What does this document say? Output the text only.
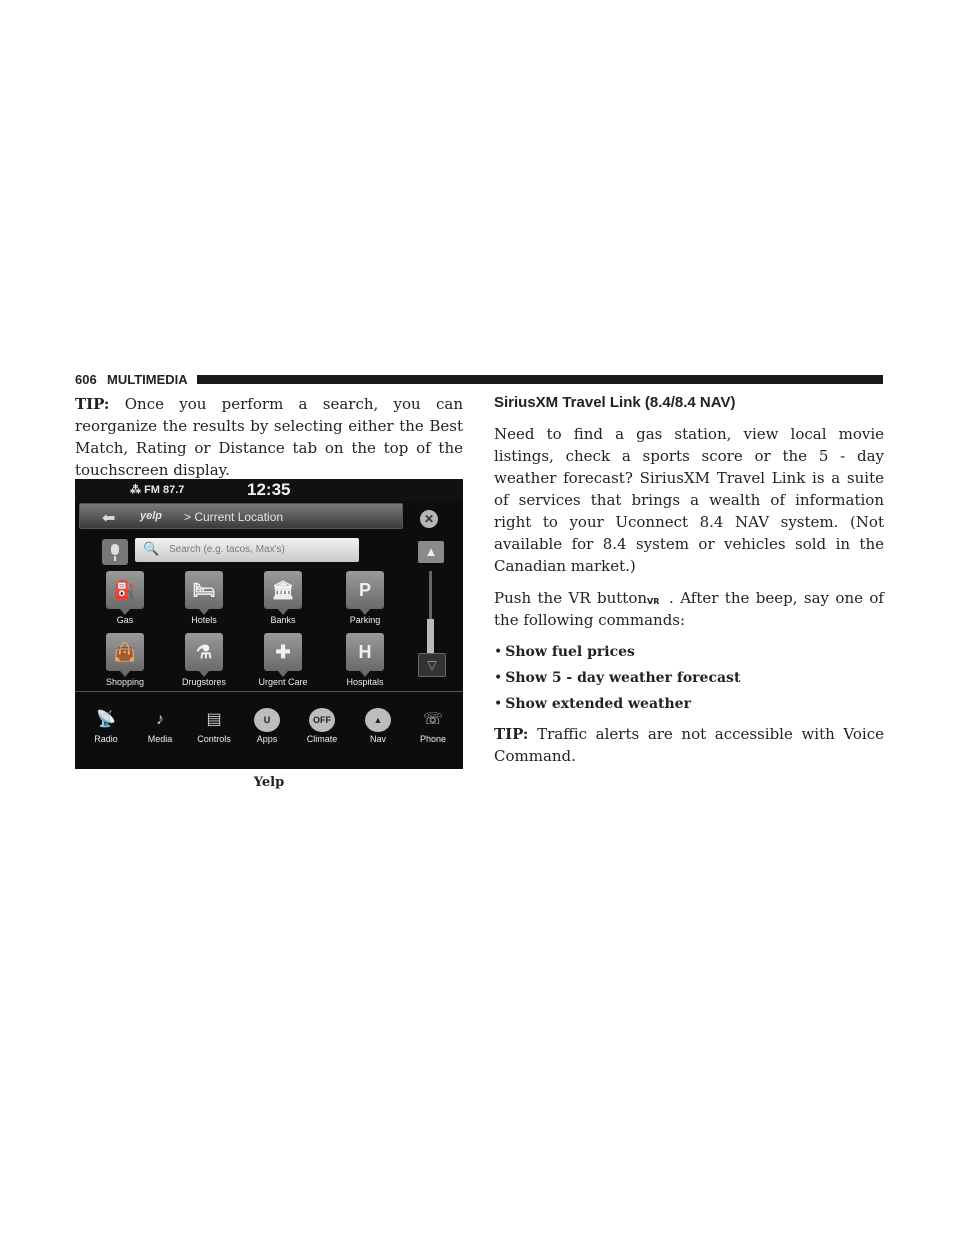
606 MULTIMEDIA

TIP: Once you perform a search, you can reorganize the results by selecting either the Best Match, Rating or Distance tab on the top of the touchscreen display.

⁂ FM 87.7	12:35
⬅ yelp > Current Location	✕
🔍 Search (e.g. tacos, Max's)	▲
▽
⛽
Gas
🛏
Hotels
🏛
Banks
P
Parking
👜
Shopping
⚗
Drugstores
✚
Urgent Care
H
Hospitals
📡
Radio
♪
Media
▤
Controls
U
Apps
OFF
Climate
▲
Nav
☏
Phone
Yelp
SiriusXM Travel Link (8.4/8.4 NAV)

Need to find a gas station, view local movie listings, check a sports score or the 5 - day weather forecast? SiriusXM Travel Link is a suite of services that brings a wealth of information right to your Uconnect 8.4 NAV system. (Not available for 8.4 system or vehicles sold in the Canadian market.)

Push the VR buttonVR . After the beep, say one of the following commands:

• Show fuel prices
• Show 5 - day weather forecast
• Show extended weather

TIP: Traffic alerts are not accessible with Voice Command.
